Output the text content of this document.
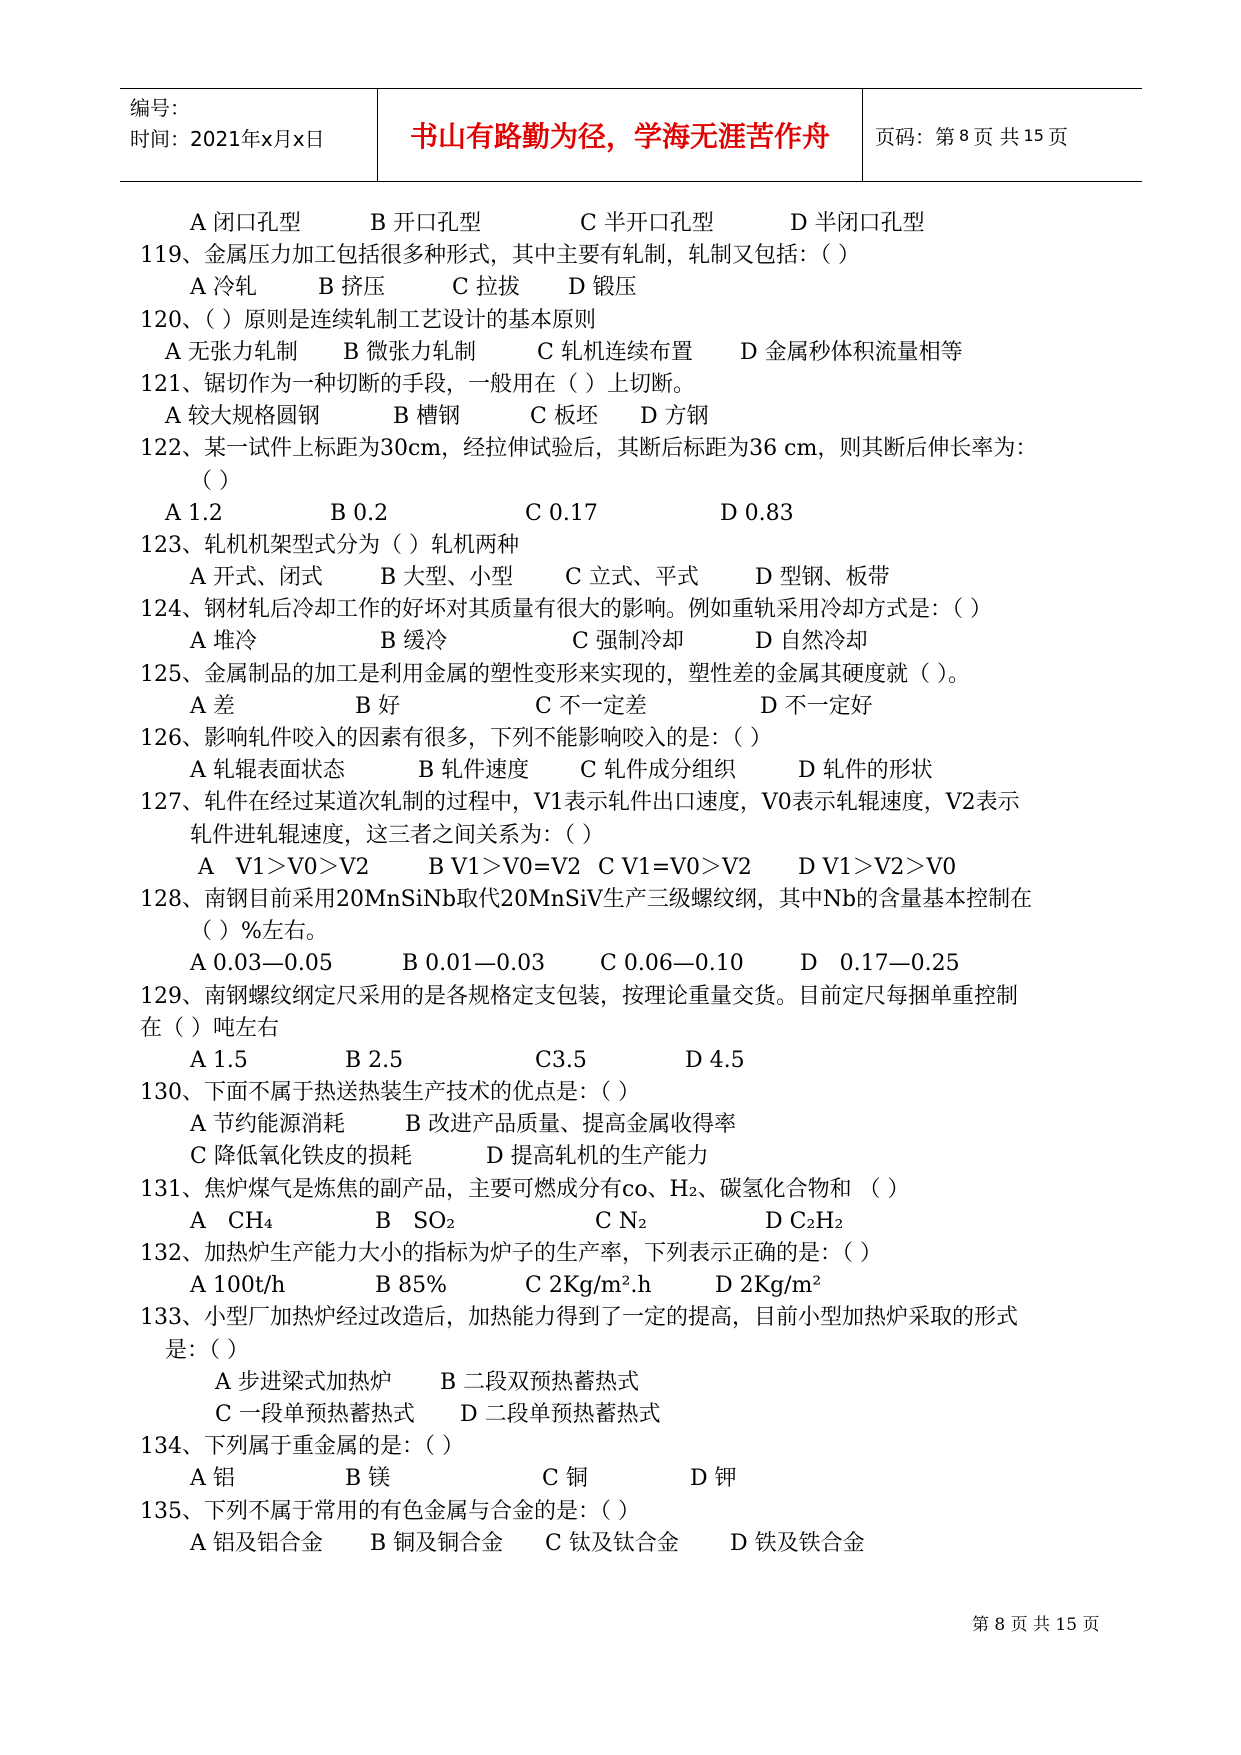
编号：
时间：2021年x月x日	书山有路勤为径，学海无涯苦作舟 页码：第 8 页 共 15 页
A 闭口孔型	B 开口孔型	C 半开口孔型	D 半闭口孔型
119、金属压力加工包括很多种形式，其中主要有轧制，轧制又包括：（ ）
A 冷轧	B 挤压	C 拉拔 D 锻压
120、（ ）原则是连续轧制工艺设计的基本原则
A 无张力轧制 B 微张力轧制	C 轧机连续布置 D 金属秒体积流量相等
121、锯切作为一种切断的手段，一般用在（ ）上切断。
A 较大规格圆钢	B 槽钢	C 板坯 D 方钢
122、某一试件上标距为30cm，经拉伸试验后，其断后标距为36 cm，则其断后伸长率为：
（ ）
A 1.2	B 0.2	C 0.17	D 0.83
123、轧机机架型式分为（ ）轧机两种
A 开式、闭式	B 大型、小型 C 立式、平式	D 型钢、板带
124、钢材轧后冷却工作的好坏对其质量有很大的影响。例如重轨采用冷却方式是：（ ）
A 堆冷	B 缓冷	C 强制冷却	D 自然冷却
125、金属制品的加工是利用金属的塑性变形来实现的，塑性差的金属其硬度就（ ）。
A 差	B 好	C 不一定差	D 不一定好
126、影响轧件咬入的因素有很多，下列不能影响咬入的是：（ ）
A 轧辊表面状态	B 轧件速度 C 轧件成分组织	D 轧件的形状
127、轧件在经过某道次轧制的过程中，V1表示轧件出口速度，V0表示轧辊速度，V2表示
轧件进轧辊速度，这三者之间关系为：（ ）
A　V1＞V0＞V2	B V1＞V0=V2 C V1=V0＞V2 D V1＞V2＞V0
128、南钢目前采用20MnSiNb取代20MnSiV生产三级螺纹纲，其中Nb的含量基本控制在
（ ）%左右。
A 0.03—0.05	B 0.01—0.03 C 0.06—0.10	D　0.17—0.25
129、南钢螺纹纲定尺采用的是各规格定支包装，按理论重量交货。目前定尺每捆单重控制
在（ ）吨左右
A 1.5	B 2.5	C3.5	D 4.5
130、下面不属于热送热装生产技术的优点是：（ ）
A 节约能源消耗	B 改进产品质量、提高金属收得率
C 降低氧化铁皮的损耗	D 提高轧机的生产能力
131、焦炉煤气是炼焦的副产品，主要可燃成分有co、H₂、碳氢化合物和 （ ）
A　CH₄	B　SO₂	C N₂	D C₂H₂
132、加热炉生产能力大小的指标为炉子的生产率，下列表示正确的是：（ ）
A 100t/h	B 85%	C 2Kg/m².h	D 2Kg/m²
133、小型厂加热炉经过改造后，加热能力得到了一定的提高，目前小型加热炉采取的形式
是：（ ）
A 步进梁式加热炉 B 二段双预热蓄热式
C 一段单预热蓄热式 D 二段单预热蓄热式
134、下列属于重金属的是：（ ）
A 铝	B 镁	C 铜	D 钾
135、下列不属于常用的有色金属与合金的是：（ ）
A 铝及铝合金 B 铜及铜合金 C 钛及钛合金 D 铁及铁合金
第 8 页 共 15 页
